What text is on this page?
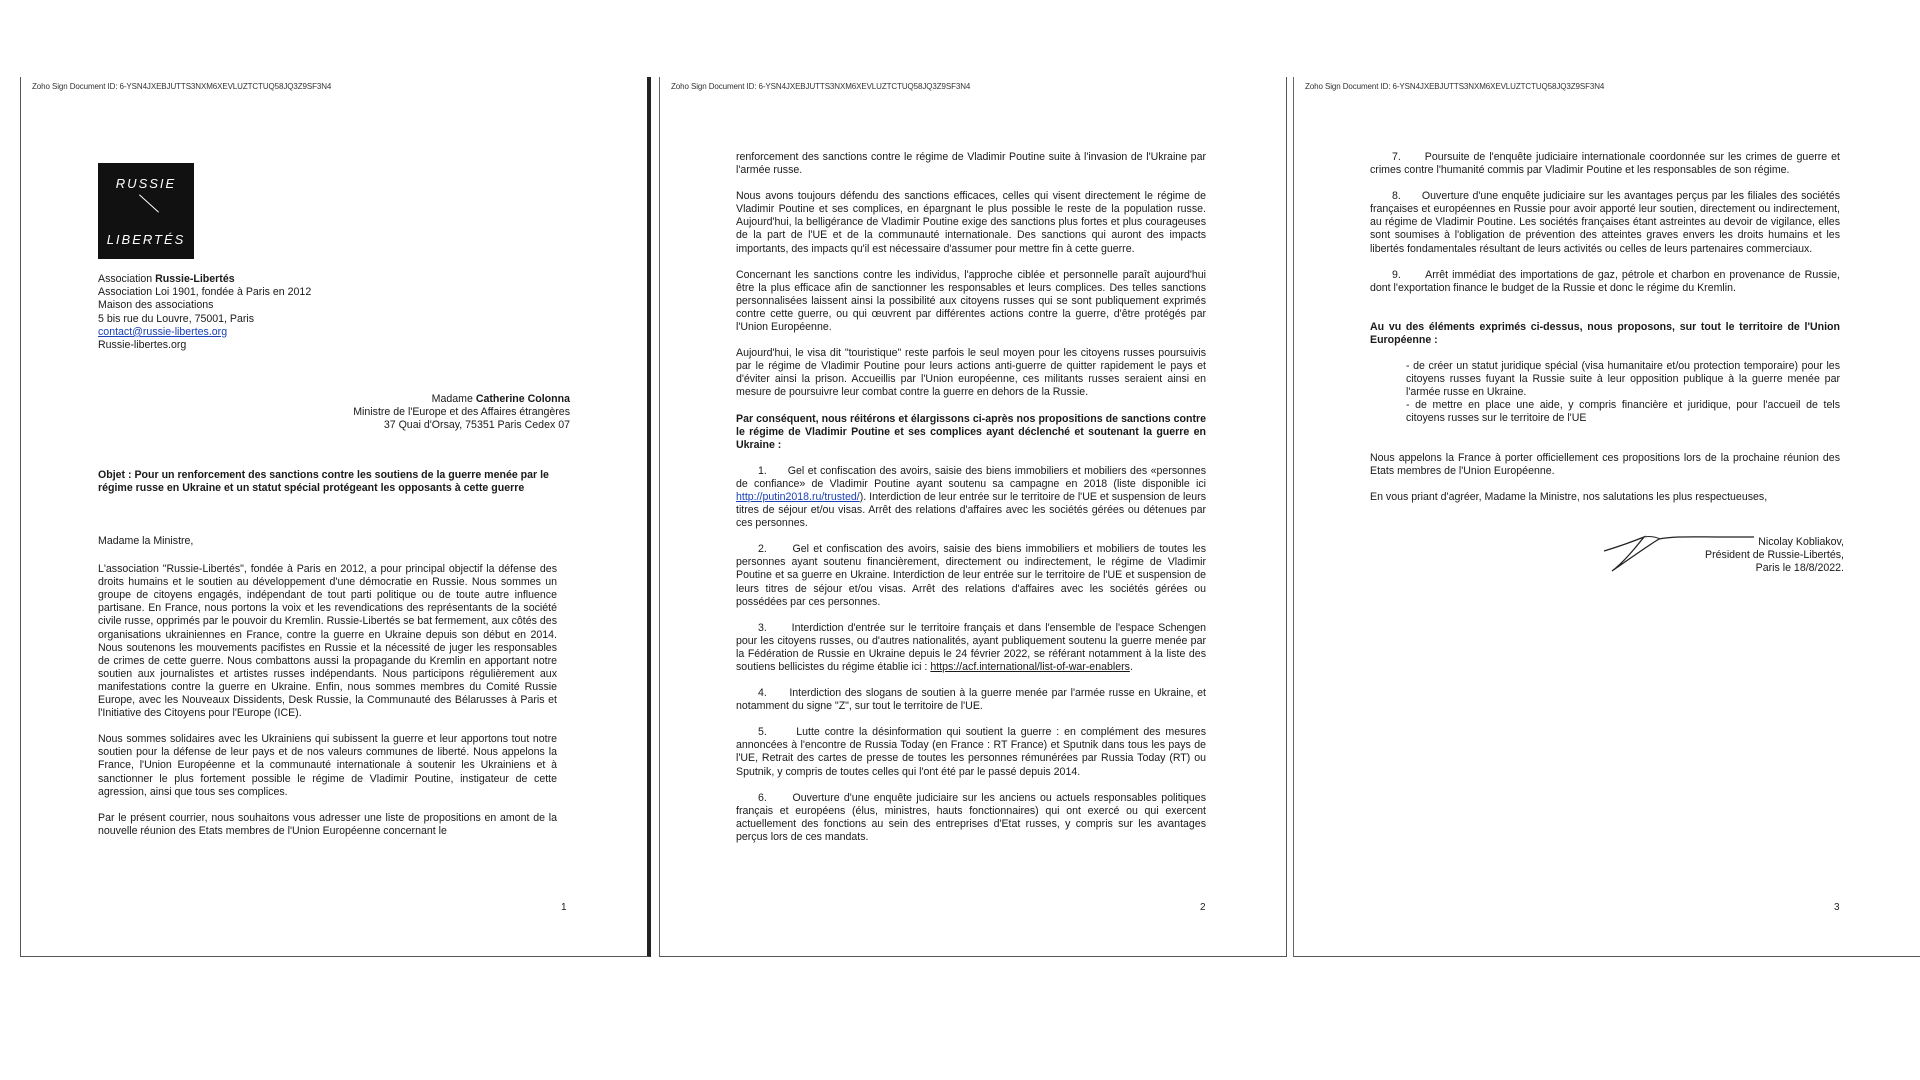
Zoho Sign Document ID: 6-YSN4JXEBJUTTS3NXM6XEVLUZTCTUQ58JQ3Z9SF3N4
RUSSIE
LIBERTÉS
Association Russie-Libertés
Association Loi 1901, fondée à Paris en 2012
Maison des associations
5 bis rue du Louvre, 75001, Paris
contact@russie-libertes.org
Russie-libertes.org
Madame Catherine Colonna
Ministre de l'Europe et des Affaires étrangères
37 Quai d'Orsay, 75351 Paris Cedex 07
Objet : Pour un renforcement des sanctions contre les soutiens de la guerre menée par le régime russe en Ukraine et un statut spécial protégeant les opposants à cette guerre

Madame la Ministre,

L'association "Russie-Libertés", fondée à Paris en 2012, a pour principal objectif la défense des droits humains et le soutien au développement d'une démocratie en Russie. Nous sommes un groupe de citoyens engagés, indépendant de tout parti politique ou de toute autre influence partisane. En France, nous portons la voix et les revendications des représentants de la société civile russe, opprimés par le pouvoir du Kremlin. Russie-Libertés se bat fermement, aux côtés des organisations ukrainiennes en France, contre la guerre en Ukraine depuis son début en 2014. Nous soutenons les mouvements pacifistes en Russie et la nécessité de juger les responsables de crimes de cette guerre. Nous combattons aussi la propagande du Kremlin en apportant notre soutien aux journalistes et artistes russes indépendants. Nous participons régulièrement aux manifestations contre la guerre en Ukraine. Enfin, nous sommes membres du Comité Russie Europe, avec les Nouveaux Dissidents, Desk Russie, la Communauté des Bélarusses à Paris et l'Initiative des Citoyens pour l'Europe (ICE).

Nous sommes solidaires avec les Ukrainiens qui subissent la guerre et leur apportons tout notre soutien pour la défense de leur pays et de nos valeurs communes de liberté. Nous appelons la France, l'Union Européenne et la communauté internationale à soutenir les Ukrainiens et à sanctionner le plus fortement possible le régime de Vladimir Poutine, instigateur de cette agression, ainsi que tous ses complices.

Par le présent courrier, nous souhaitons vous adresser une liste de propositions en amont de la nouvelle réunion des Etats membres de l'Union Européenne concernant le

1
Zoho Sign Document ID: 6-YSN4JXEBJUTTS3NXM6XEVLUZTCTUQ58JQ3Z9SF3N4

renforcement des sanctions contre le régime de Vladimir Poutine suite à l'invasion de l'Ukraine par l'armée russe.

Nous avons toujours défendu des sanctions efficaces, celles qui visent directement le régime de Vladimir Poutine et ses complices, en épargnant le plus possible le reste de la population russe. Aujourd'hui, la belligérance de Vladimir Poutine exige des sanctions plus fortes et plus courageuses de la part de l'UE et de la communauté internationale. Des sanctions qui auront des impacts importants, des impacts qu'il est nécessaire d'assumer pour mettre fin à cette guerre.

Concernant les sanctions contre les individus, l'approche ciblée et personnelle paraît aujourd'hui être la plus efficace afin de sanctionner les responsables et leurs complices. Des telles sanctions personnalisées laissent ainsi la possibilité aux citoyens russes qui se sont publiquement exprimés contre cette guerre, ou qui œuvrent par différentes actions contre la guerre, d'être protégés par l'Union Européenne.

Aujourd'hui, le visa dit "touristique" reste parfois le seul moyen pour les citoyens russes poursuivis par le régime de Vladimir Poutine pour leurs actions anti-guerre de quitter rapidement le pays et d'éviter ainsi la prison. Accueillis par l'Union européenne, ces militants russes seraient ainsi en mesure de poursuivre leur combat contre la guerre en dehors de la Russie.

Par conséquent, nous réitérons et élargissons ci-après nos propositions de sanctions contre le régime de Vladimir Poutine et ses complices ayant déclenché et soutenant la guerre en Ukraine :

1.      Gel et confiscation des avoirs, saisie des biens immobiliers et mobiliers des «personnes de confiance» de Vladimir Poutine ayant soutenu sa campagne en 2018 (liste disponible ici http://putin2018.ru/trusted/). Interdiction de leur entrée sur le territoire de l'UE et suspension de leurs titres de séjour et/ou visas. Arrêt des relations d'affaires avec les sociétés gérées ou détenues par ces personnes.

2.      Gel et confiscation des avoirs, saisie des biens immobiliers et mobiliers de toutes les personnes ayant soutenu financièrement, directement ou indirectement, le régime de Vladimir Poutine et sa guerre en Ukraine. Interdiction de leur entrée sur le territoire de l'UE et suspension de leurs titres de séjour et/ou visas. Arrêt des relations d'affaires avec les sociétés gérées ou possédées par ces personnes.

3.      Interdiction d'entrée sur le territoire français et dans l'ensemble de l'espace Schengen pour les citoyens russes, ou d'autres nationalités, ayant publiquement soutenu la guerre menée par la Fédération de Russie en Ukraine depuis le 24 février 2022, se référant notamment à la liste des soutiens bellicistes du régime établie ici : https://acf.international/list-of-war-enablers.

4.      Interdiction des slogans de soutien à la guerre menée par l'armée russe en Ukraine, et notamment du signe "Z", sur tout le territoire de l'UE.

5.      Lutte contre la désinformation qui soutient la guerre : en complément des mesures annoncées à l'encontre de Russia Today (en France : RT France) et Sputnik dans tous les pays de l'UE, Retrait des cartes de presse de toutes les personnes rémunérées par Russia Today (RT) ou Sputnik, y compris de toutes celles qui l'ont été par le passé depuis 2014.

6.      Ouverture d'une enquête judiciaire sur les anciens ou actuels responsables politiques français et européens (élus, ministres, hauts fonctionnaires) qui ont exercé ou qui exercent actuellement des fonctions au sein des entreprises d'Etat russes, y compris sur les avantages perçus lors de ces mandats.

2
Zoho Sign Document ID: 6-YSN4JXEBJUTTS3NXM6XEVLUZTCTUQ58JQ3Z9SF3N4

7.      Poursuite de l'enquête judiciaire internationale coordonnée sur les crimes de guerre et crimes contre l'humanité commis par Vladimir Poutine et les responsables de son régime.

8.      Ouverture d'une enquête judiciaire sur les avantages perçus par les filiales des sociétés françaises et européennes en Russie pour avoir apporté leur soutien, directement ou indirectement, au régime de Vladimir Poutine. Les sociétés françaises étant astreintes au devoir de vigilance, elles sont soumises à l'obligation de prévention des atteintes graves envers les droits humains et les libertés fondamentales résultant de leurs activités ou celles de leurs partenaires commerciaux.

9.      Arrêt immédiat des importations de gaz, pétrole et charbon en provenance de Russie, dont l'exportation finance le budget de la Russie et donc le régime du Kremlin.

Au vu des éléments exprimés ci-dessus, nous proposons, sur tout le territoire de l'Union Européenne :

- de créer un statut juridique spécial (visa humanitaire et/ou protection temporaire) pour les citoyens russes fuyant la Russie suite à leur opposition publique à la guerre menée par l'armée russe en Ukraine.
- de mettre en place une aide, y compris financière et juridique, pour l'accueil de tels citoyens russes sur le territoire de l'UE

Nous appelons la France à porter officiellement ces propositions lors de la prochaine réunion des Etats membres de l'Union Européenne.

En vous priant d'agréer, Madame la Ministre, nos salutations les plus respectueuses,

Nicolay Kobliakov,
Président de Russie-Libertés,
Paris le 18/8/2022.
3
